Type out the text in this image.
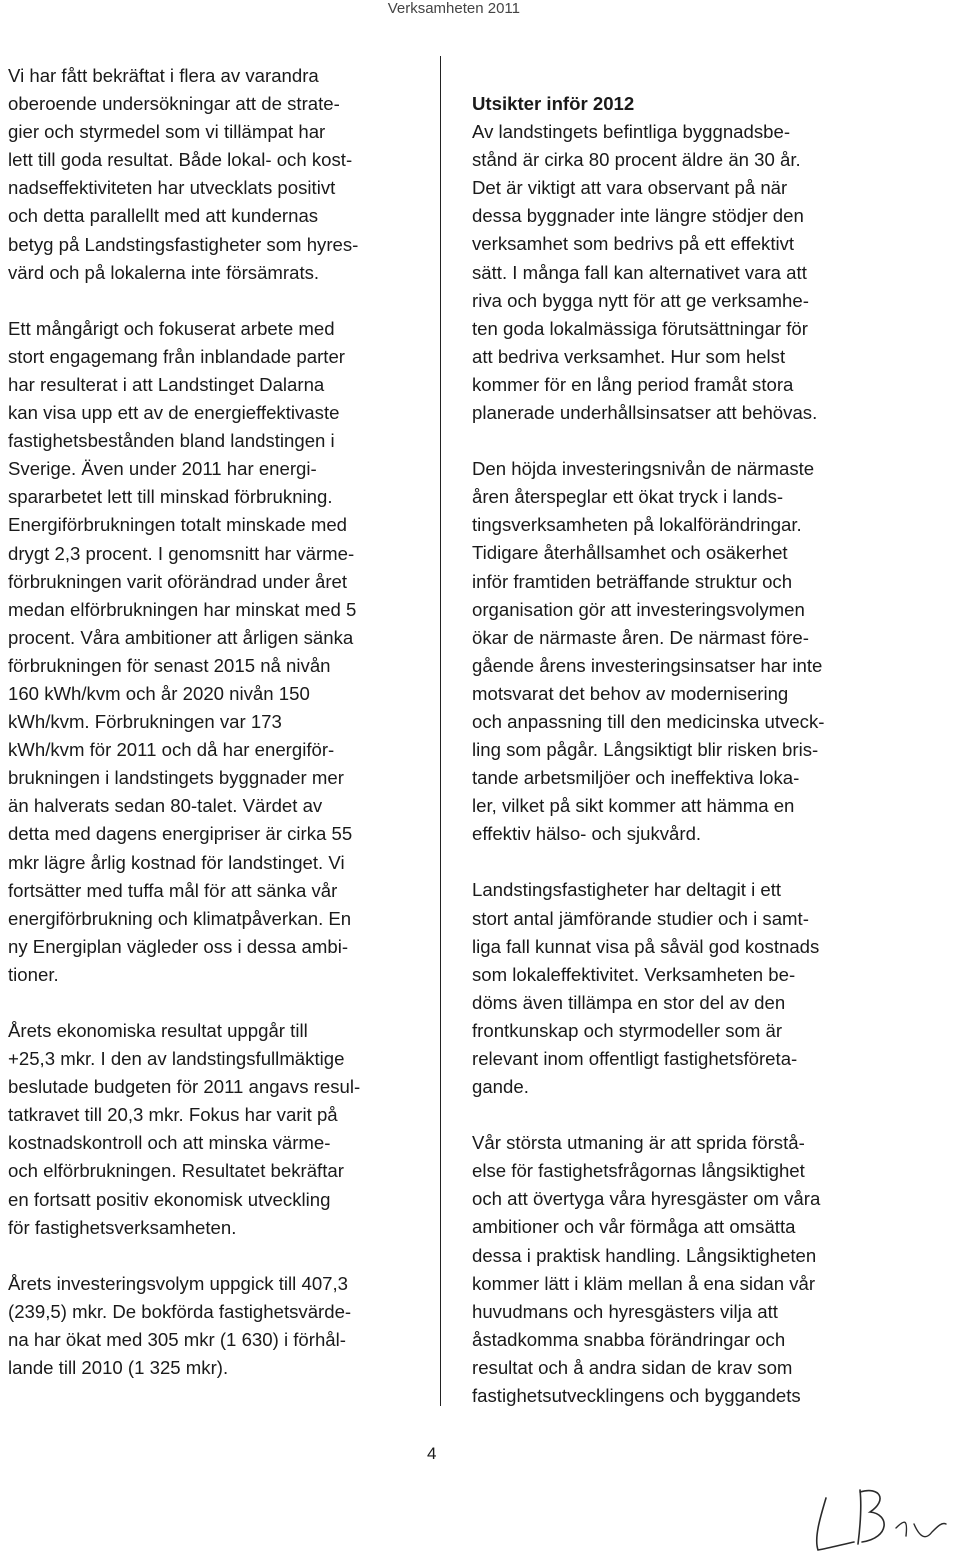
Verksamheten 2011
Vi har fått bekräftat i flera av varandra
oberoende undersökningar att de strate-
gier och styrmedel som vi tillämpat har
lett till goda resultat. Både lokal- och kost-
nadseffektiviteten har utvecklats positivt
och detta parallellt med att kundernas
betyg på Landstingsfastigheter som hyres-
värd och på lokalerna inte försämrats.
Ett mångårigt och fokuserat arbete med
stort engagemang från inblandade parter
har resulterat i att Landstinget Dalarna
kan visa upp ett av de energieffektivaste
fastighetsbestånden bland landstingen i
Sverige. Även under 2011 har energi-
spararbetet lett till minskad förbrukning.
Energiförbrukningen totalt minskade med
drygt 2,3 procent. I genomsnitt har värme-
förbrukningen varit oförändrad under året
medan elförbrukningen har minskat med 5
procent. Våra ambitioner att årligen sänka
förbrukningen för senast 2015 nå nivån
160 kWh/kvm och år 2020 nivån 150
kWh/kvm. Förbrukningen var 173
kWh/kvm för 2011 och då har energiför-
brukningen i landstingets byggnader mer
än halverats sedan 80-talet. Värdet av
detta med dagens energipriser är cirka 55
mkr lägre årlig kostnad för landstinget. Vi
fortsätter med tuffa mål för att sänka vår
energiförbrukning och klimatpåverkan. En
ny Energiplan vägleder oss i dessa ambi-
tioner.
Årets ekonomiska resultat uppgår till
+25,3 mkr. I den av landstingsfullmäktige
beslutade budgeten för 2011 angavs resul-
tatkravet till 20,3 mkr. Fokus har varit på
kostnadskontroll och att minska värme-
och elförbrukningen. Resultatet bekräftar
en fortsatt positiv ekonomisk utveckling
för fastighetsverksamheten.
Årets investeringsvolym uppgick till 407,3
(239,5) mkr. De bokförda fastighetsvärde-
na har ökat med 305 mkr (1 630) i förhål-
lande till 2010 (1 325 mkr).
Utsikter inför 2012
Av landstingets befintliga byggnadsbe-
stånd är cirka 80 procent äldre än 30 år.
Det är viktigt att vara observant på när
dessa byggnader inte längre stödjer den
verksamhet som bedrivs på ett effektivt
sätt. I många fall kan alternativet vara att
riva och bygga nytt för att ge verksamhe-
ten goda lokalmässiga förutsättningar för
att bedriva verksamhet. Hur som helst
kommer för en lång period framåt stora
planerade underhållsinsatser att behövas.
Den höjda investeringsnivån de närmaste
åren återspeglar ett ökat tryck i lands-
tingsverksamheten på lokalförändringar.
Tidigare återhållsamhet och osäkerhet
inför framtiden beträffande struktur och
organisation gör att investeringsvolymen
ökar de närmaste åren. De närmast före-
gående årens investeringsinsatser har inte
motsvarat det behov av modernisering
och anpassning till den medicinska utveck-
ling som pågår. Långsiktigt blir risken bris-
tande arbetsmiljöer och ineffektiva loka-
ler, vilket på sikt kommer att hämma en
effektiv hälso- och sjukvård.
Landstingsfastigheter har deltagit i ett
stort antal jämförande studier och i samt-
liga fall kunnat visa på såväl god kostnads
som lokaleffektivitet. Verksamheten be-
döms även tillämpa en stor del av den
frontkunskap och styrmodeller som är
relevant inom offentligt fastighetsföreta-
gande.
Vår största utmaning är att sprida förstå-
else för fastighetsfrågornas långsiktighet
och att övertyga våra hyresgäster om våra
ambitioner och vår förmåga att omsätta
dessa i praktisk handling. Långsiktigheten
kommer lätt i kläm mellan å ena sidan vår
huvudmans och hyresgästers vilja att
åstadkomma snabba förändringar och
resultat och å andra sidan de krav som
fastighetsutvecklingens och byggandets
4
